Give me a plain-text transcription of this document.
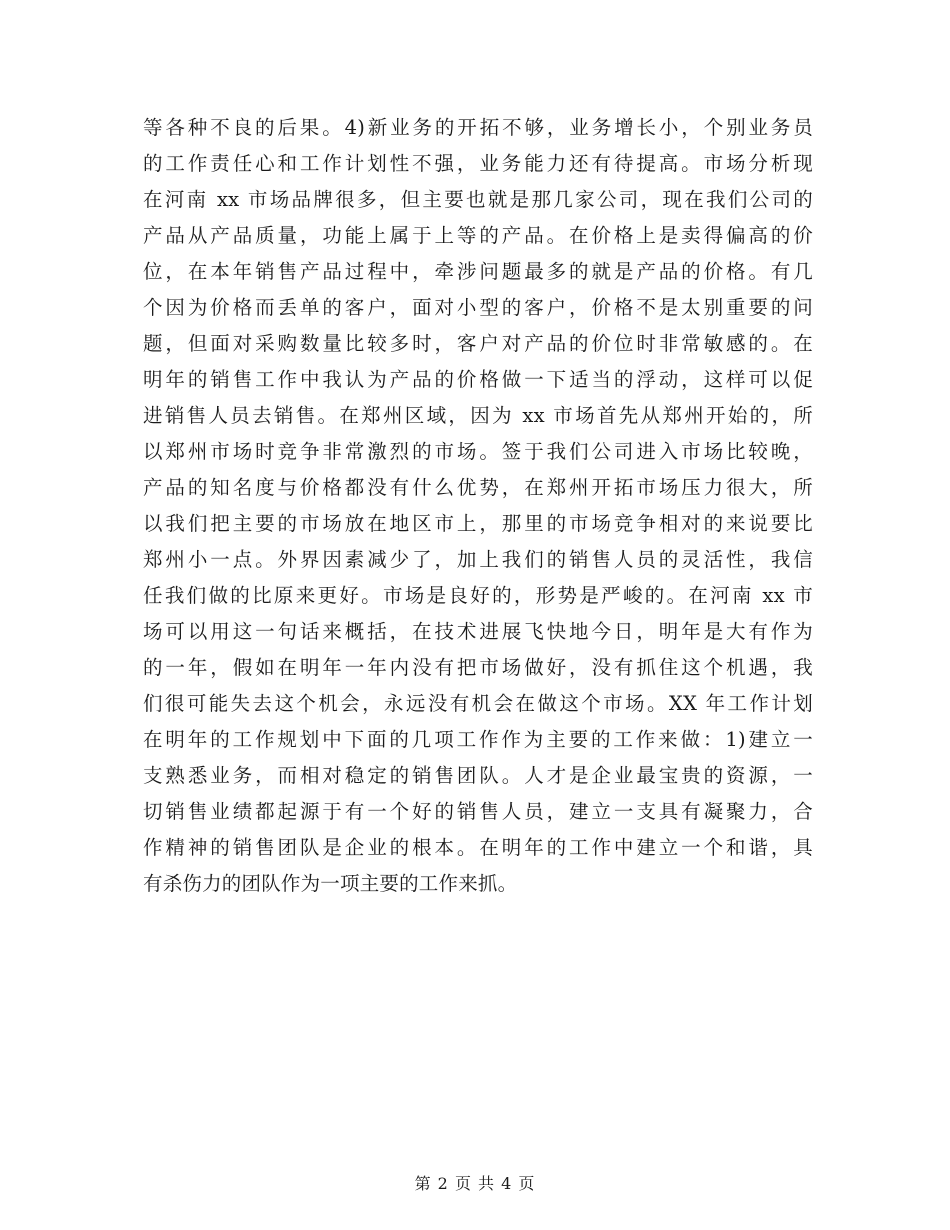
等各种不良的后果。4)新业务的开拓不够，业务增长小，个别业务员
的工作责任心和工作计划性不强，业务能力还有待提高。市场分析现
在河南 xx 市场品牌很多，但主要也就是那几家公司，现在我们公司的
产品从产品质量，功能上属于上等的产品。在价格上是卖得偏高的价
位，在本年销售产品过程中，牵涉问题最多的就是产品的价格。有几
个因为价格而丢单的客户，面对小型的客户，价格不是太别重要的问
题，但面对采购数量比较多时，客户对产品的价位时非常敏感的。在
明年的销售工作中我认为产品的价格做一下适当的浮动，这样可以促
进销售人员去销售。在郑州区域，因为 xx 市场首先从郑州开始的，所
以郑州市场时竞争非常激烈的市场。签于我们公司进入市场比较晚，
产品的知名度与价格都没有什么优势，在郑州开拓市场压力很大，所
以我们把主要的市场放在地区市上，那里的市场竞争相对的来说要比
郑州小一点。外界因素减少了，加上我们的销售人员的灵活性，我信
任我们做的比原来更好。市场是良好的，形势是严峻的。在河南 xx 市
场可以用这一句话来概括，在技术进展飞快地今日，明年是大有作为
的一年，假如在明年一年内没有把市场做好，没有抓住这个机遇，我
们很可能失去这个机会，永远没有机会在做这个市场。XX 年工作计划
在明年的工作规划中下面的几项工作作为主要的工作来做：1)建立一
支熟悉业务，而相对稳定的销售团队。人才是企业最宝贵的资源，一
切销售业绩都起源于有一个好的销售人员，建立一支具有凝聚力，合
作精神的销售团队是企业的根本。在明年的工作中建立一个和谐，具
有杀伤力的团队作为一项主要的工作来抓。
第 2 页 共 4 页
